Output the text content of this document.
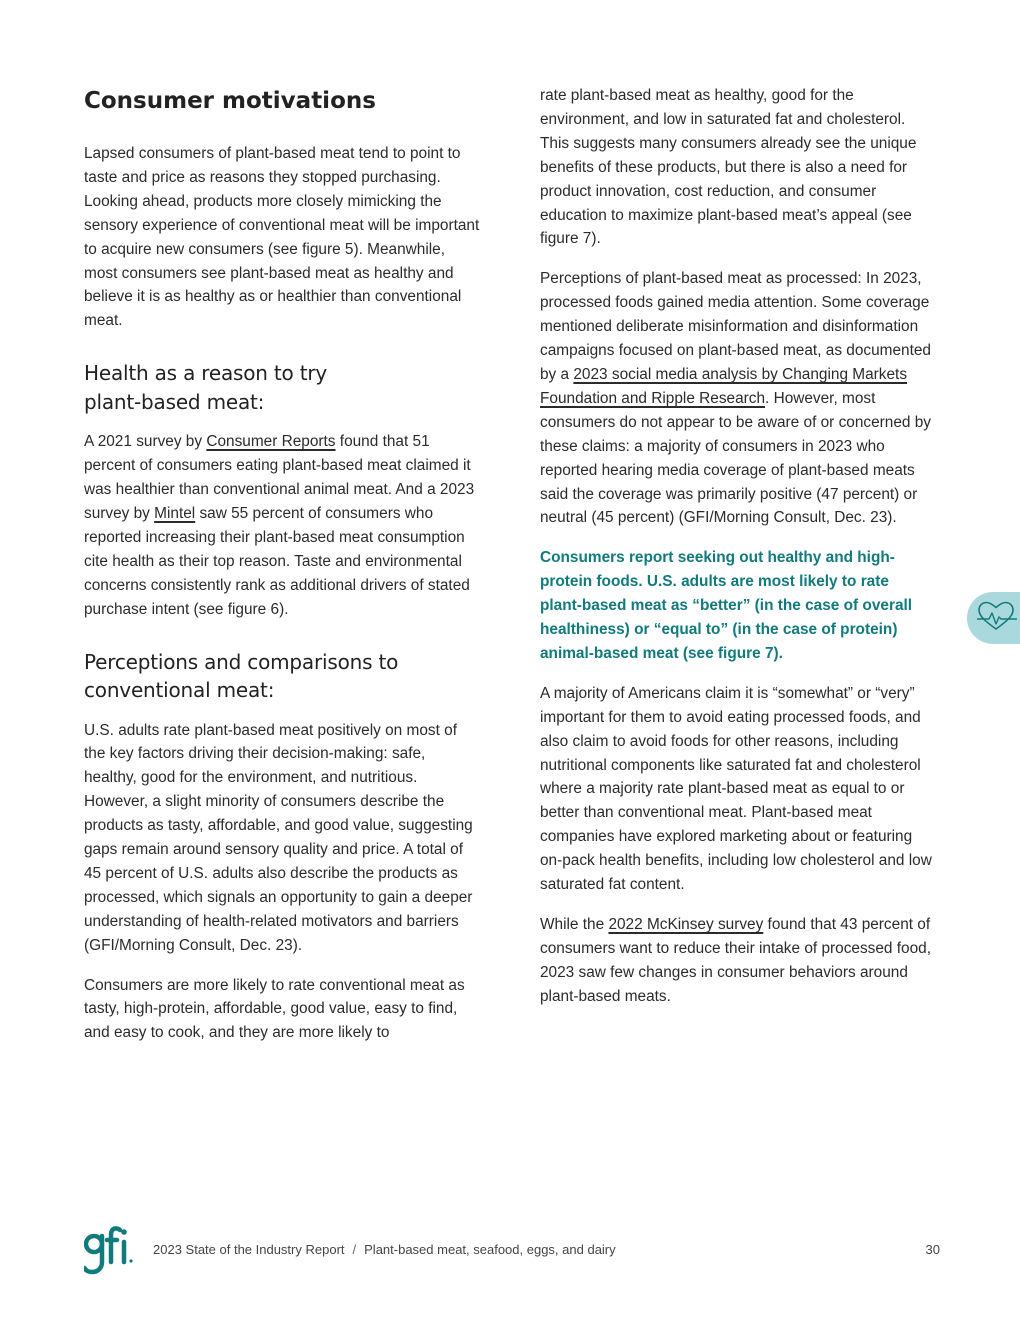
Consumer motivations

Lapsed consumers of plant-based meat tend to point to taste and price as reasons they stopped purchasing. Looking ahead, products more closely mimicking the sensory experience of conventional meat will be important to acquire new consumers (see figure 5). Meanwhile, most consumers see plant-based meat as healthy and believe it is as healthy as or healthier than conventional meat.

Health as a reason to try plant-based meat:

A 2021 survey by Consumer Reports found that 51 percent of consumers eating plant-based meat claimed it was healthier than conventional animal meat. And a 2023 survey by Mintel saw 55 percent of consumers who reported increasing their plant-based meat consumption cite health as their top reason. Taste and environmental concerns consistently rank as additional drivers of stated purchase intent (see figure 6).

Perceptions and comparisons to conventional meat:

U.S. adults rate plant-based meat positively on most of the key factors driving their decision-making: safe, healthy, good for the environment, and nutritious. However, a slight minority of consumers describe the products as tasty, affordable, and good value, suggesting gaps remain around sensory quality and price. A total of 45 percent of U.S. adults also describe the products as processed, which signals an opportunity to gain a deeper understanding of health-related motivators and barriers (GFI/Morning Consult, Dec. 23).

Consumers are more likely to rate conventional meat as tasty, high-protein, affordable, good value, easy to find, and easy to cook, and they are more likely to

rate plant-based meat as healthy, good for the environment, and low in saturated fat and cholesterol. This suggests many consumers already see the unique benefits of these products, but there is also a need for product innovation, cost reduction, and consumer education to maximize plant-based meat’s appeal (see figure 7).

Perceptions of plant-based meat as processed: In 2023, processed foods gained media attention. Some coverage mentioned deliberate misinformation and disinformation campaigns focused on plant-based meat, as documented by a 2023 social media analysis by Changing Markets Foundation and Ripple Research. However, most consumers do not appear to be aware of or concerned by these claims: a majority of consumers in 2023 who reported hearing media coverage of plant-based meats said the coverage was primarily positive (47 percent) or neutral (45 percent) (GFI/Morning Consult, Dec. 23).

Consumers report seeking out healthy and high-protein foods. U.S. adults are most likely to rate plant-based meat as “better” (in the case of overall healthiness) or “equal to” (in the case of protein) animal-based meat (see figure 7).

A majority of Americans claim it is “somewhat” or “very” important for them to avoid eating processed foods, and also claim to avoid foods for other reasons, including nutritional components like saturated fat and cholesterol where a majority rate plant-based meat as equal to or better than conventional meat. Plant-based meat companies have explored marketing about or featuring on-pack health benefits, including low cholesterol and low saturated fat content.

While the 2022 McKinsey survey found that 43 percent of consumers want to reduce their intake of processed food, 2023 saw few changes in consumer behaviors around plant-based meats.

2023 State of the Industry Report / Plant-based meat, seafood, eggs, and dairy	30
